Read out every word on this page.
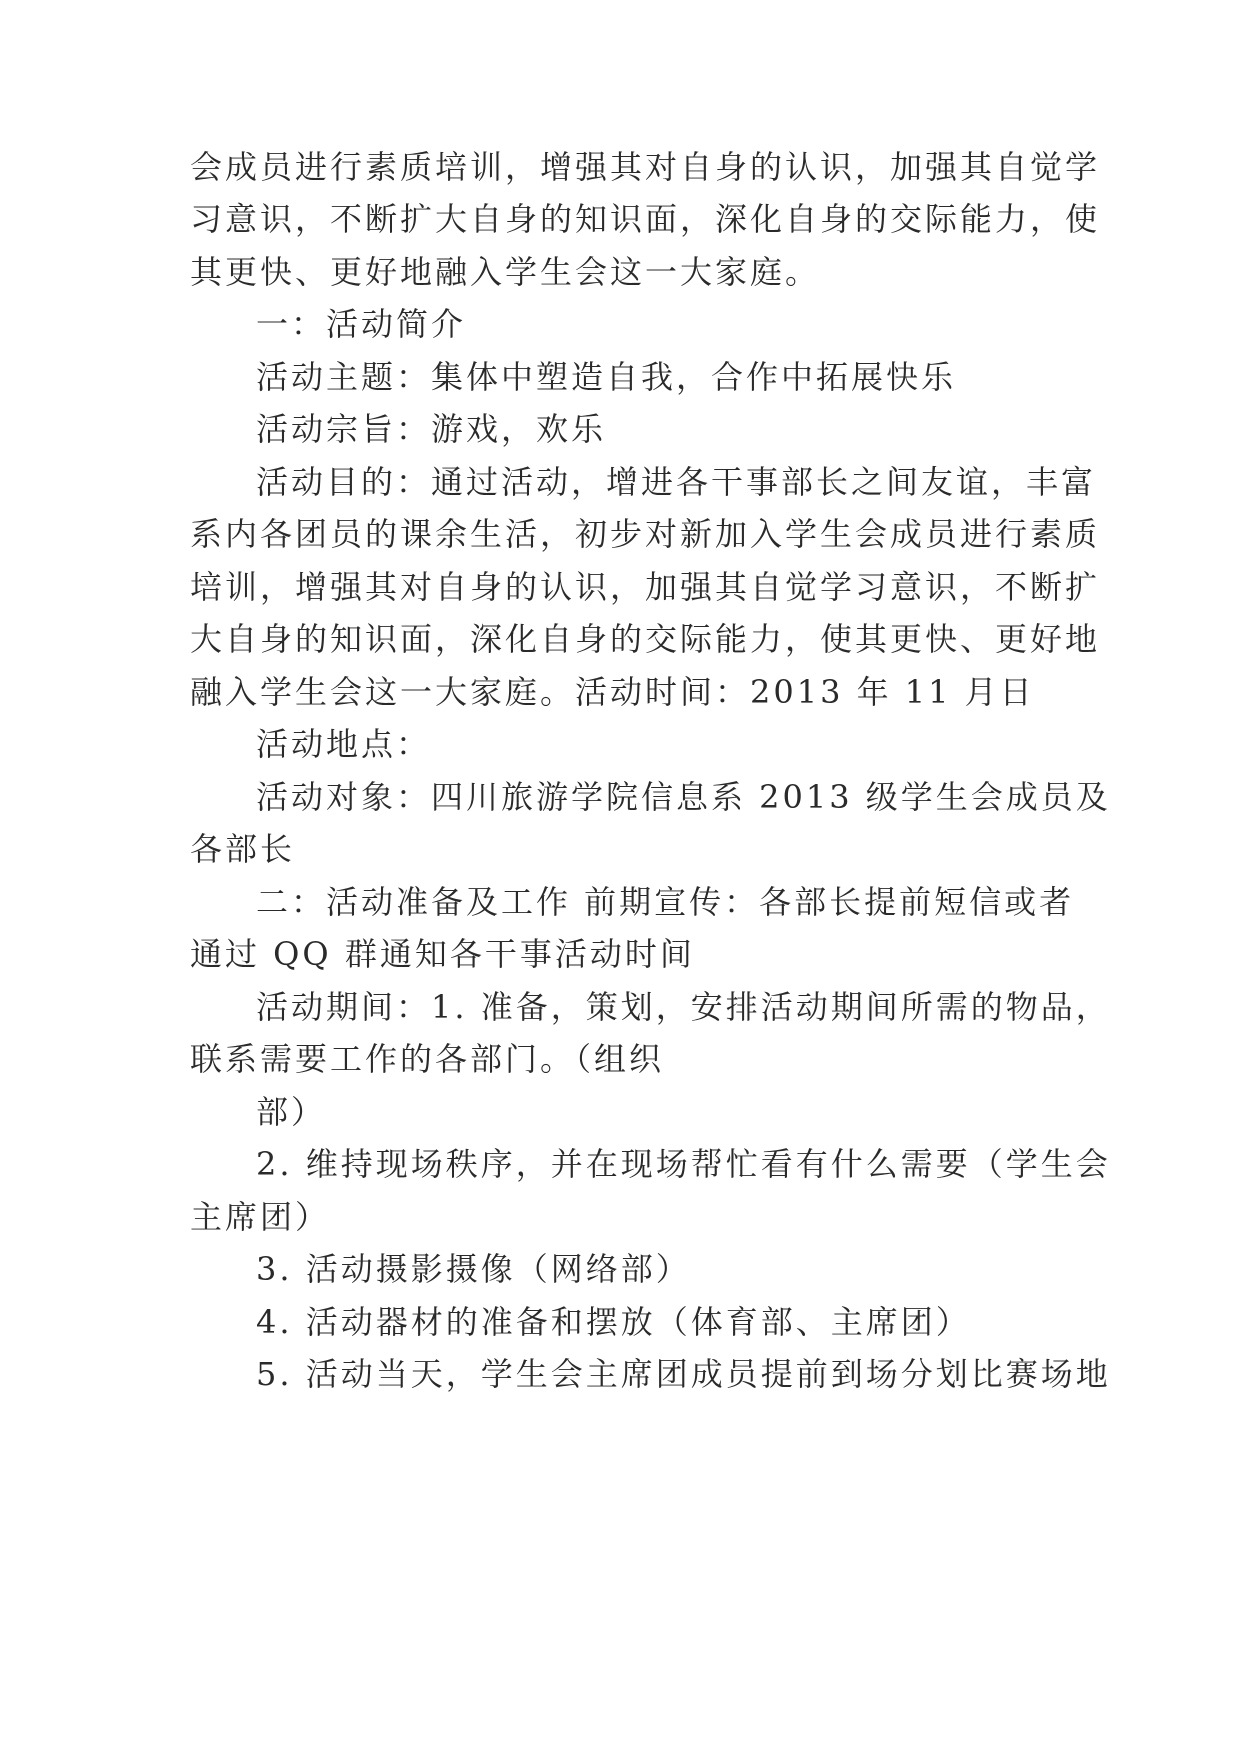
会成员进行素质培训，增强其对自身的认识，加强其自觉学
习意识，不断扩大自身的知识面，深化自身的交际能力，使
其更快、更好地融入学生会这一大家庭。
一：活动简介
活动主题：集体中塑造自我，合作中拓展快乐
活动宗旨：游戏，欢乐
活动目的：通过活动，增进各干事部长之间友谊，丰富
系内各团员的课余生活，初步对新加入学生会成员进行素质
培训，增强其对自身的认识，加强其自觉学习意识，不断扩
大自身的知识面，深化自身的交际能力，使其更快、更好地
融入学生会这一大家庭。活动时间：2013 年 11 月日
活动地点：
活动对象：四川旅游学院信息系 2013 级学生会成员及
各部长
二：活动准备及工作 前期宣传：各部长提前短信或者
通过 QQ 群通知各干事活动时间
活动期间：1. 准备，策划，安排活动期间所需的物品，
联系需要工作的各部门。（组织
部）
2. 维持现场秩序，并在现场帮忙看有什么需要（学生会
主席团）
3. 活动摄影摄像（网络部）
4. 活动器材的准备和摆放（体育部、主席团）
5. 活动当天，学生会主席团成员提前到场分划比赛场地
